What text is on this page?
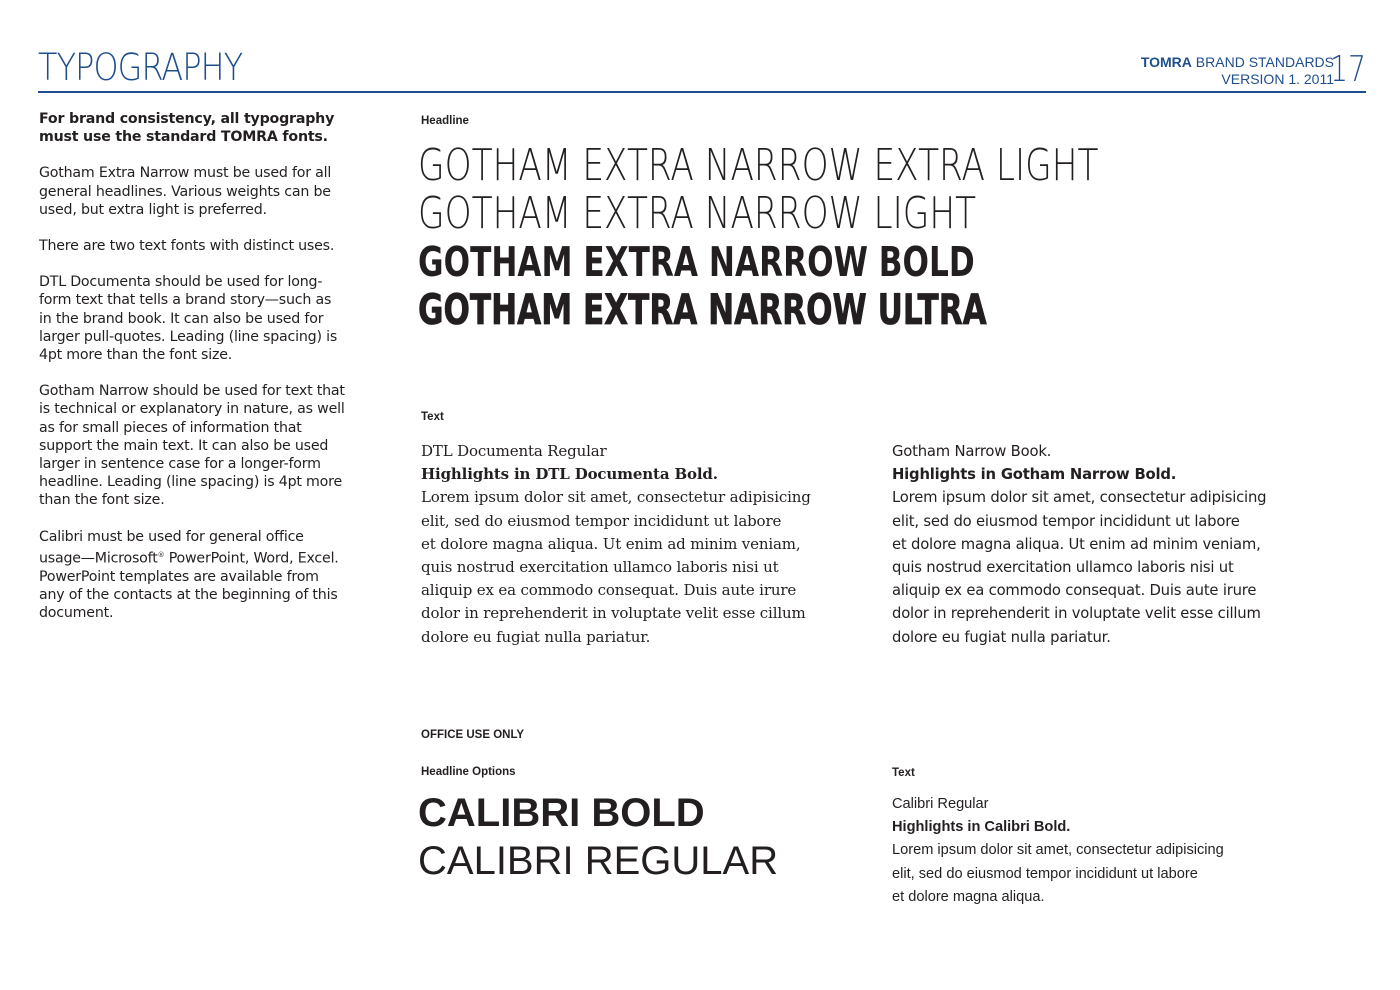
TYPOGRAPHY	TOMRA BRAND STANDARDS
VERSION 1. 2011
17

For brand consistency, all typography must use the standard TOMRA fonts.

Gotham Extra Narrow must be used for all general headlines. Various weights can be used, but extra light is preferred.

There are two text fonts with distinct uses.

DTL Documenta should be used for long-form text that tells a brand story—such as in the brand book. It can also be used for larger pull-quotes. Leading (line spacing) is 4pt more than the font size.

Gotham Narrow should be used for text that is technical or explanatory in nature, as well as for small pieces of information that support the main text. It can also be used larger in sentence case for a longer-form headline. Leading (line spacing) is 4pt more than the font size.

Calibri must be used for general office usage—Microsoft® PowerPoint, Word, Excel. PowerPoint templates are available from any of the contacts at the beginning of this document.

Headline
GOTHAM EXTRA NARROW EXTRA LIGHT
GOTHAM EXTRA NARROW LIGHT
GOTHAM EXTRA NARROW BOLD
GOTHAM EXTRA NARROW ULTRA
Text

DTL Documenta Regular

Highlights in DTL Documenta Bold.

Lorem ipsum dolor sit amet, consectetur adipisicing

elit, sed do eiusmod tempor incididunt ut labore

et dolore magna aliqua. Ut enim ad minim veniam,

quis nostrud exercitation ullamco laboris nisi ut

aliquip ex ea commodo consequat. Duis aute irure

dolor in reprehenderit in voluptate velit esse cillum

dolore eu fugiat nulla pariatur.

Gotham Narrow Book.

Highlights in Gotham Narrow Bold.

Lorem ipsum dolor sit amet, consectetur adipisicing

elit, sed do eiusmod tempor incididunt ut labore

et dolore magna aliqua. Ut enim ad minim veniam,

quis nostrud exercitation ullamco laboris nisi ut

aliquip ex ea commodo consequat. Duis aute irure

dolor in reprehenderit in voluptate velit esse cillum

dolore eu fugiat nulla pariatur.

OFFICE USE ONLY
Headline Options	Text
CALIBRI BOLD
CALIBRI REGULAR

Calibri Regular

Highlights in Calibri Bold.

Lorem ipsum dolor sit amet, consectetur adipisicing

elit, sed do eiusmod tempor incididunt ut labore

et dolore magna aliqua.
